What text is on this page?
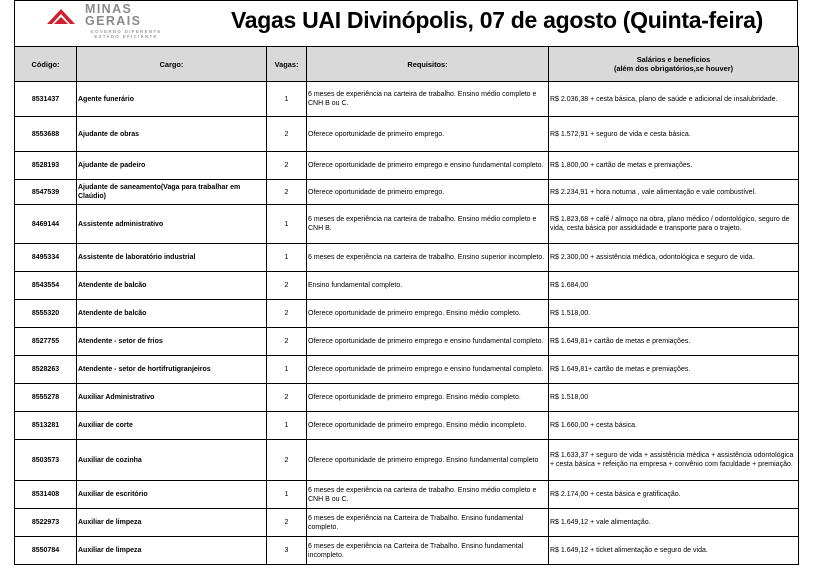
MINAS
GERAIS
GOVERNO DIFERENTE
ESTADO EFICIENTE
Vagas UAI Divinópolis, 07 de agosto (Quinta-feira)
Código:	Cargo:	Vagas:	Requisitos:	Salários e benefícios
(além dos obrigatórios,se houver)

8531437	Agente funerário	1	6 meses de experiência na carteira de trabalho. Ensino médio completo e CNH B ou C.	R$ 2.036,38 + cesta básica, plano de saúde e adicional de insalubridade.
8553688	Ajudante de obras	2	Oferece oportunidade de primeiro emprego.	R$ 1.572,91 + seguro de vida e cesta básica.
8528193	Ajudante de padeiro	2	Oferece oportunidade de primeiro emprego e ensino fundamental completo.	R$ 1.800,00 + cartão de metas e premiações.
8547539	Ajudante de saneamento(Vaga para trabalhar em Claúdio)	2	Oferece oportunidade de primeiro emprego.	R$ 2.234,91 + hora noturna , vale alimentação e vale combustível.
8469144	Assistente administrativo	1	6 meses de experiência na carteira de trabalho. Ensino médio completo e CNH B.	R$ 1.823,68 + café / almoço na obra, plano médico / odontológico, seguro de vida, cesta básica por assiduidade e transporte para o trajeto.
8495334	Assistente de laboratório industrial	1	6 meses de experiência na carteira de trabalho. Ensino superior incompleto.	R$ 2.300,00 + assistência médica, odontológica e seguro de vida.
8543554	Atendente de balcão	2	Ensino fundamental completo.	R$ 1.684,00
8555320	Atendente de balcão	2	Oferece oportunidade de primeiro emprego. Ensino médio completo.	R$ 1.518,00.
8527755	Atendente - setor de frios	2	Oferece oportunidade de primeiro emprego e ensino fundamental completo.	R$ 1.649,81+ cartão de metas e premiações.
8528263	Atendente - setor de hortifrutigranjeiros	1	Oferece oportunidade de primeiro emprego e ensino fundamental completo.	R$ 1.649,81+ cartão de metas e premiações.
8555278	Auxiliar Administrativo	2	Oferece oportunidade de primeiro emprego. Ensino médio completo.	R$ 1.518,00
8513281	Auxiliar de corte	1	Oferece oportunidade de primeiro emprego. Ensino médio incompleto.	R$ 1.660,00 + cesta básica.
8503573	Auxiliar de cozinha	2	Oferece oportunidade de primeiro emprego. Ensino fundamental completo	R$ 1.633,37 + seguro de vida + assistência médica + assistência odontológica + cesta básica + refeição na empresa + convênio com faculdade + premiação.
8531408	Auxiliar de escritório	1	6 meses de experiência na carteira de trabalho. Ensino médio completo e CNH B ou C.	R$ 2.174,00 + cesta básica e gratificação.
8522973	Auxiliar de limpeza	2	6 meses de experiência na Carteira de Trabalho. Ensino fundamental completo.	R$ 1.649,12 + vale alimentação.
8550784	Auxiliar de limpeza	3	6 meses de experiência na Carteira de Trabalho. Ensino fundamental incompleto.	R$ 1.649,12 + ticket alimentação e seguro de vida.
